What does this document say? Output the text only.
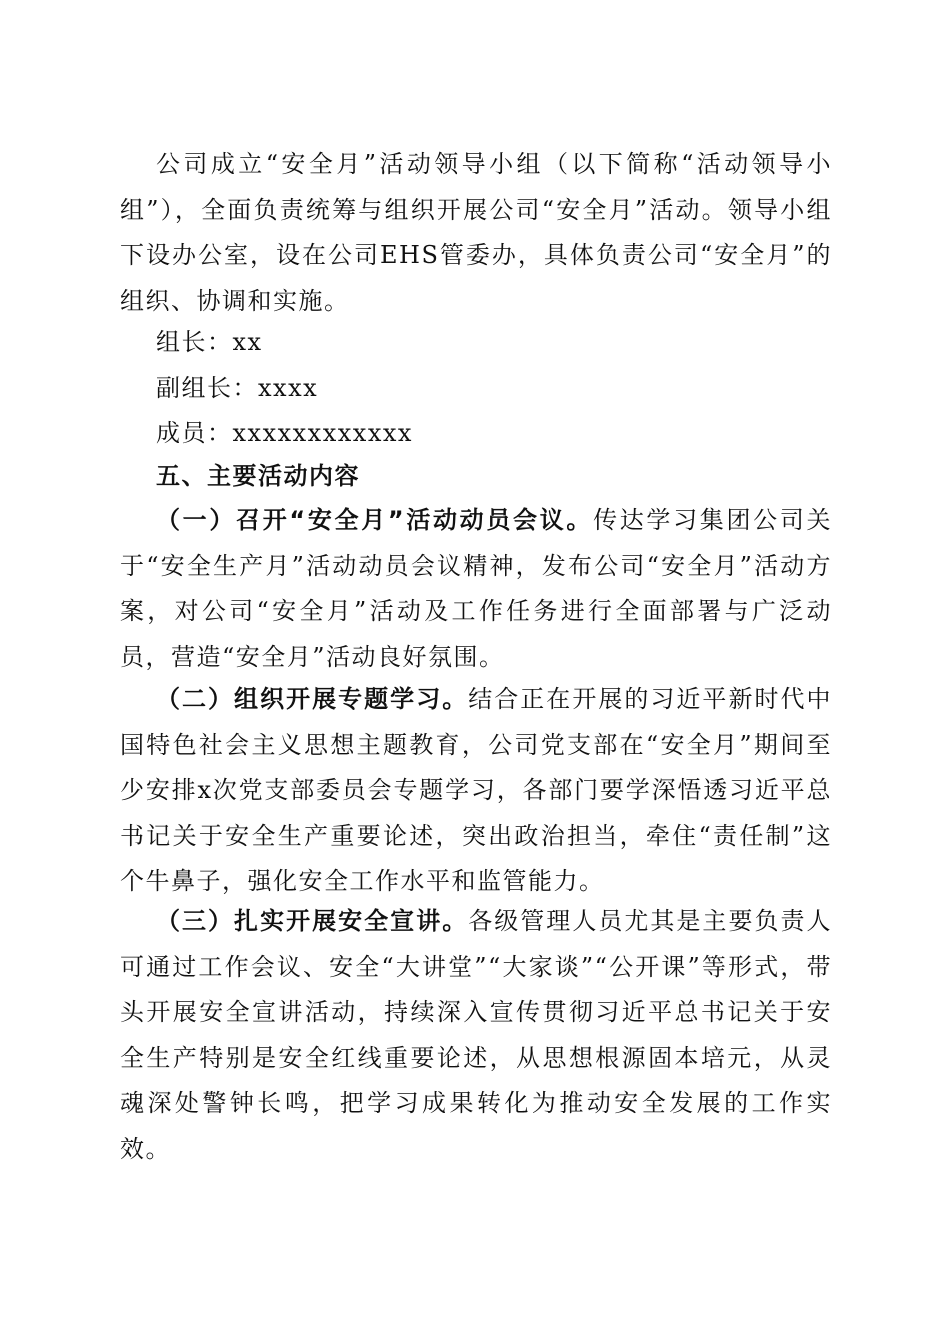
公司成立“安全月”活动领导小组（以下简称“活动领导小组”），全面负责统筹与组织开展公司“安全月”活动。领导小组下设办公室，设在公司EHS管委办，具体负责公司“安全月”的组织、协调和实施。

组长：xx

副组长：xxxx

成员：xxxxxxxxxxxx

五、主要活动内容

（一）召开“安全月”活动动员会议。传达学习集团公司关于“安全生产月”活动动员会议精神，发布公司“安全月”活动方案，对公司“安全月”活动及工作任务进行全面部署与广泛动员，营造“安全月”活动良好氛围。

（二）组织开展专题学习。结合正在开展的习近平新时代中国特色社会主义思想主题教育，公司党支部在“安全月”期间至少安排x次党支部委员会专题学习，各部门要学深悟透习近平总书记关于安全生产重要论述，突出政治担当，牵住“责任制”这个牛鼻子，强化安全工作水平和监管能力。

（三）扎实开展安全宣讲。各级管理人员尤其是主要负责人可通过工作会议、安全“大讲堂”“大家谈”“公开课”等形式，带头开展安全宣讲活动，持续深入宣传贯彻习近平总书记关于安全生产特别是安全红线重要论述，从思想根源固本培元，从灵魂深处警钟长鸣，把学习成果转化为推动安全发展的工作实效。
